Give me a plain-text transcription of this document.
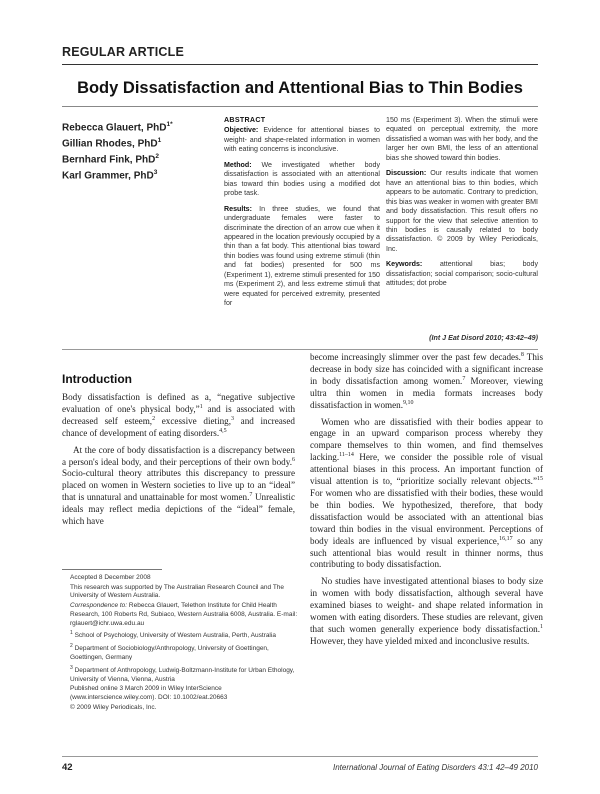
REGULAR ARTICLE
Body Dissatisfaction and Attentional Bias to Thin Bodies
Rebecca Glauert, PhD$^{1*}$
Gillian Rhodes, PhD$^1$
Bernhard Fink, PhD$^2$
Karl Grammer, PhD$^3$

ABSTRACT

Objective: Evidence for attentional biases to weight- and shape-related information in women with eating concerns is inconclusive.

Method: We investigated whether body dissatisfaction is associated with an attentional bias toward thin bodies using a modified dot probe task.

Results: In three studies, we found that undergraduate females were faster to discriminate the direction of an arrow cue when it appeared in the location previously occupied by a thin than a fat body. This attentional bias toward thin bodies was found using extreme stimuli (thin and fat bodies) presented for 500 ms (Experiment 1), extreme stimuli presented for 150 ms (Experiment 2), and less extreme stimuli that were equated for perceived extremity, presented for

150 ms (Experiment 3). When the stimuli were equated on perceptual extremity, the more dissatisfied a woman was with her body, and the larger her own BMI, the less of an attentional bias she showed toward thin bodies.

Discussion: Our results indicate that women have an attentional bias to thin bodies, which appears to be automatic. Contrary to prediction, this bias was weaker in women with greater BMI and body dissatisfaction. This result offers no support for the view that selective attention to thin bodies is causally related to body dissatisfaction. © 2009 by Wiley Periodicals, Inc.

Keywords: attentional bias; body dissatisfaction; social comparison; socio-cultural attitudes; dot probe

(Int J Eat Disord 2010; 43:42–49)
Introduction

Body dissatisfaction is defined as a, “negative subjective evaluation of one's physical body,”$^1$ and is associated with decreased self esteem,$^2$ excessive dieting,$^3$ and increased chance of development of eating disorders.$^{4,5}$

At the core of body dissatisfaction is a discrepancy between a person's ideal body, and their perceptions of their own body.$^6$ Socio-cultural theory attributes this discrepancy to pressure placed on women in Western societies to live up to an “ideal” that is unnatural and unattainable for most women.$^7$ Unrealistic ideals may reflect media depictions of the “ideal” female, which have

become increasingly slimmer over the past few decades.$^8$ This decrease in body size has coincided with a significant increase in body dissatisfaction among women.$^7$ Moreover, viewing ultra thin women in media formats increases body dissatisfaction in women.$^{9,10}$

Women who are dissatisfied with their bodies appear to engage in an upward comparison process whereby they compare themselves to thin women, and find themselves lacking.$^{11-14}$ Here, we consider the possible role of visual attentional biases in this process. An important function of visual attention is to, “prioritize socially relevant objects.”$^{15}$ For women who are dissatisfied with their bodies, these would be thin bodies. We hypothesized, therefore, that body dissatisfaction would be associated with an attentional bias toward thin bodies in the visual environment. Perceptions of body ideals are influenced by visual experience,$^{16,17}$ so any such attentional bias would result in thinner norms, thus contributing to body dissatisfaction.

No studies have investigated attentional biases to body size in women with body dissatisfaction, although several have examined biases to weight- and shape related information in women with eating disorders. These studies are relevant, given that such women generally experience body dissatisfaction.$^1$ However, they have yielded mixed and inconclusive results.

Accepted 8 December 2008

This research was supported by The Australian Research Council and The University of Western Australia.

Correspondence to: Rebecca Glauert, Telethon Institute for Child Health Research, 100 Roberts Rd, Subiaco, Western Australia 6008, Australia. E-mail: rglauert@ichr.uwa.edu.au

$^1$ School of Psychology, University of Western Australia, Perth, Australia

$^2$ Department of Sociobiology/Anthropology, University of Goettingen, Goettingen, Germany

$^3$ Department of Anthropology, Ludwig-Boltzmann-Institute for Urban Ethology, University of Vienna, Vienna, Austria

Published online 3 March 2009 in Wiley InterScience (www.interscience.wiley.com). DOI: 10.1002/eat.20663

© 2009 Wiley Periodicals, Inc.

42	International Journal of Eating Disorders 43:1 42–49 2010
